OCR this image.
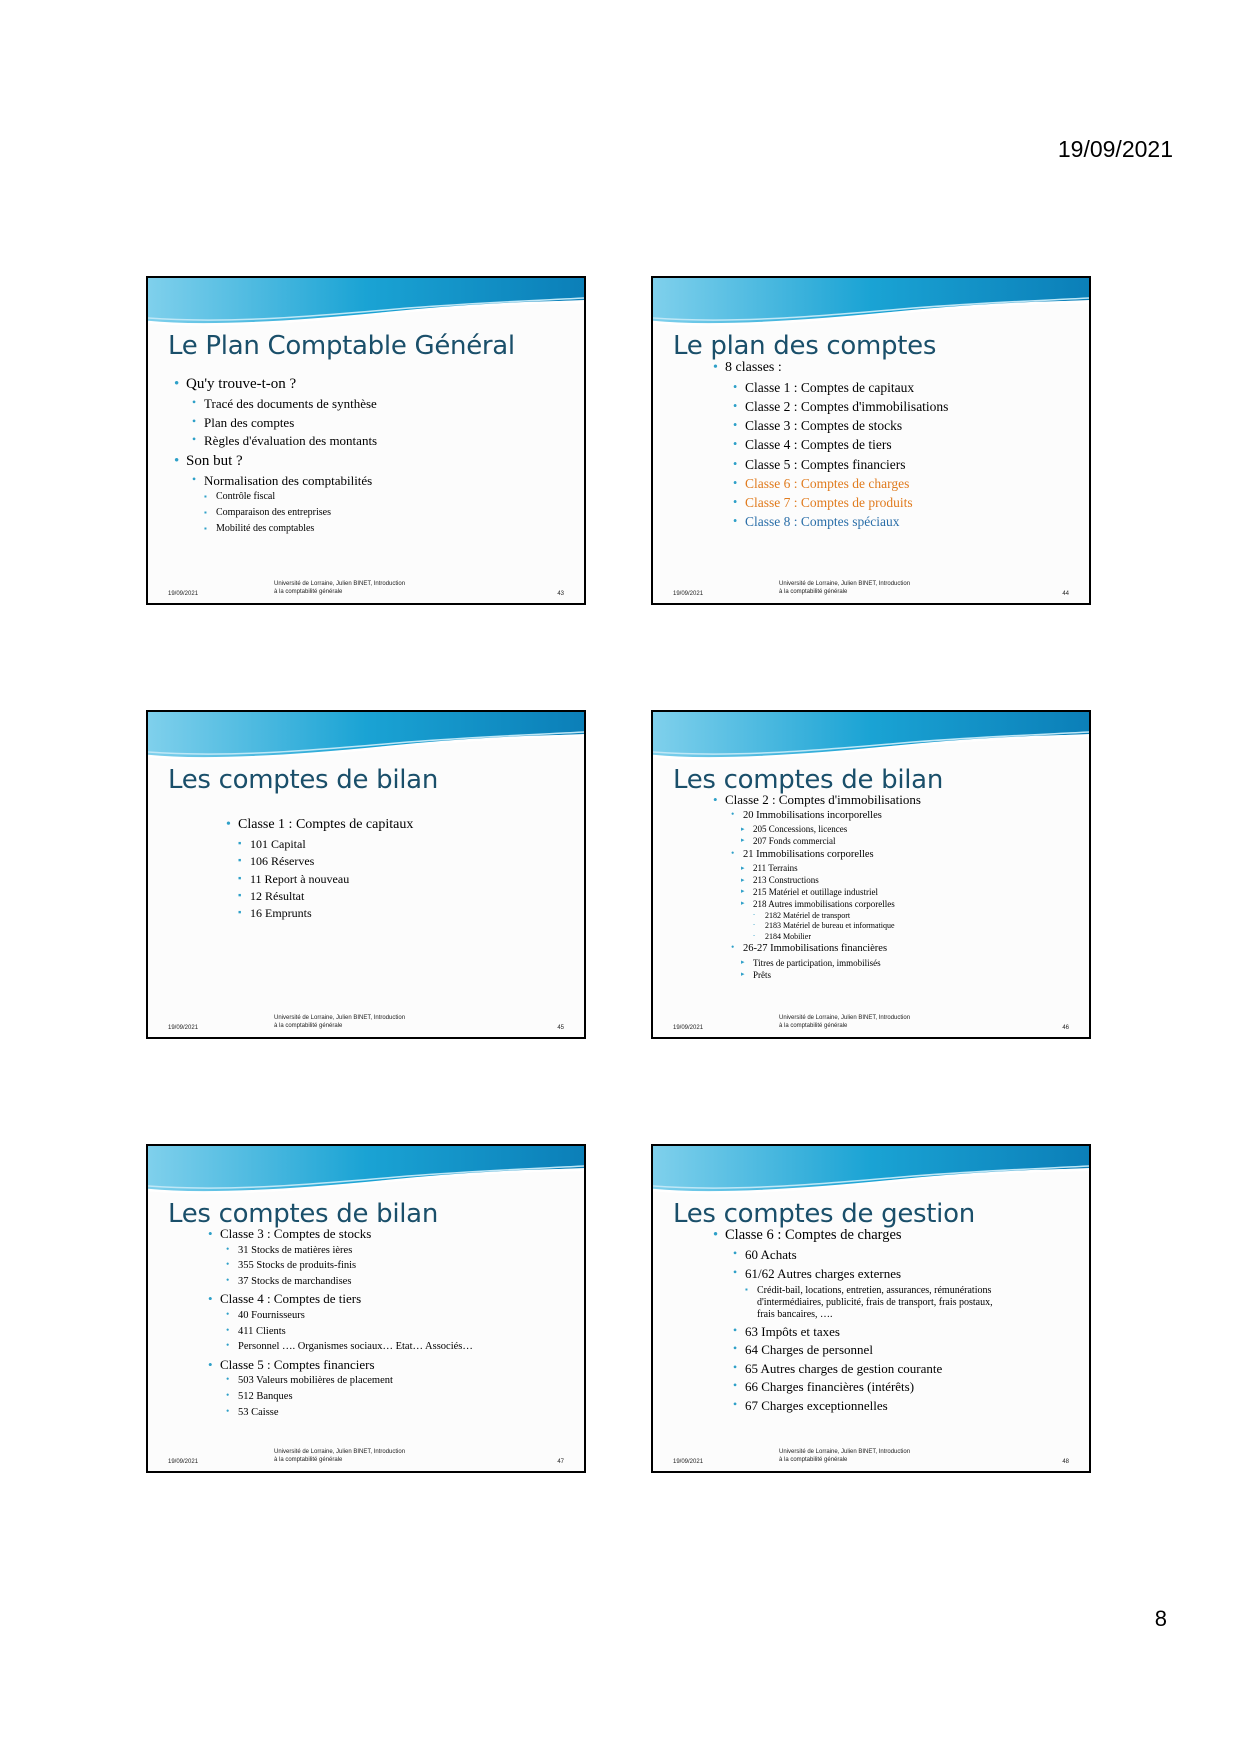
19/09/2021
8
Le Plan Comptable Général
• Qu'y trouve-t-on ?
• Tracé des documents de synthèse
• Plan des comptes
• Règles d'évaluation des montants
• Son but ?
• Normalisation des comptabilités
▪ Contrôle fiscal
▪ Comparaison des entreprises
▪ Mobilité des comptables
19/09/2021
Université de Lorraine, Julien BINET, Introduction
à la comptabilité générale	43
Le plan des comptes
• 8 classes :
• Classe 1 : Comptes de capitaux
• Classe 2 : Comptes d'immobilisations
• Classe 3 : Comptes de stocks
• Classe 4 : Comptes de tiers
• Classe 5 : Comptes financiers
• Classe 6 : Comptes de charges
• Classe 7 : Comptes de produits
• Classe 8 : Comptes spéciaux
19/09/2021
Université de Lorraine, Julien BINET, Introduction
à la comptabilité générale	44
Les comptes de bilan
• Classe 1 : Comptes de capitaux
▪ 101 Capital
▪ 106 Réserves
▪ 11 Report à nouveau
▪ 12 Résultat
▪ 16 Emprunts
19/09/2021
Université de Lorraine, Julien BINET, Introduction
à la comptabilité générale	45
Les comptes de bilan
• Classe 2 : Comptes d'immobilisations
• 20 Immobilisations incorporelles
▸ 205 Concessions, licences
▸ 207 Fonds commercial
• 21 Immobilisations corporelles
▸ 211 Terrains
▸ 213 Constructions
▸ 215 Matériel et outillage industriel
▸ 218 Autres immobilisations corporelles
‐ 2182 Matériel de transport
‐ 2183 Matériel de bureau et informatique
‐ 2184 Mobilier
• 26-27 Immobilisations financières
▸ Titres de participation, immobilisés
▸ Prêts
19/09/2021
Université de Lorraine, Julien BINET, Introduction
à la comptabilité générale	46
Les comptes de bilan
• Classe 3 : Comptes de stocks
• 31 Stocks de matières ières
• 355 Stocks de produits-finis
• 37 Stocks de marchandises
• Classe 4 : Comptes de tiers
• 40 Fournisseurs
• 411 Clients
• Personnel …. Organismes sociaux… Etat… Associés…
• Classe 5 : Comptes financiers
• 503 Valeurs mobilières de placement
• 512 Banques
• 53 Caisse
19/09/2021
Université de Lorraine, Julien BINET, Introduction
à la comptabilité générale	47
Les comptes de gestion
• Classe 6 : Comptes de charges
• 60 Achats
• 61/62 Autres charges externes
▪ Crédit-bail, locations, entretien, assurances, rémunérations
d'intermédiaires, publicité, frais de transport, frais postaux,
frais bancaires, ….
• 63 Impôts et taxes
• 64 Charges de personnel
• 65 Autres charges de gestion courante
• 66 Charges financières (intérêts)
• 67 Charges exceptionnelles
19/09/2021
Université de Lorraine, Julien BINET, Introduction
à la comptabilité générale	48
